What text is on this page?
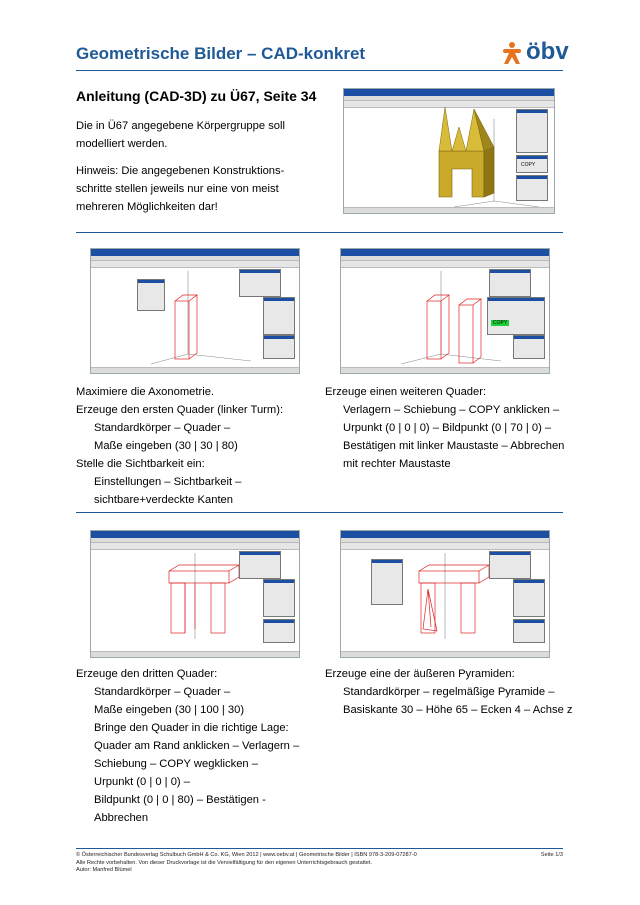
Geometrische Bilder – CAD-konkret	öbv
Anleitung (CAD-3D) zu Ü67, Seite 34
Die in Ü67 angegebene Körpergruppe soll
modelliert werden.
Hinweis: Die angegebenen Konstruktions-
schritte stellen jeweils nur eine von meist
mehreren Möglichkeiten dar!
COPY
COPY
Maximiere die Axonometrie.
Erzeuge den ersten Quader (linker Turm):
Standardkörper – Quader –
Maße eingeben (30 | 30 | 80)
Stelle die Sichtbarkeit ein:
Einstellungen – Sichtbarkeit –
sichtbare+verdeckte Kanten
Erzeuge einen weiteren Quader:
Verlagern – Schiebung – COPY anklicken –
Urpunkt (0 | 0 | 0) – Bildpunkt (0 | 70 | 0) –
Bestätigen mit linker Maustaste – Abbrechen
mit rechter Maustaste
Erzeuge den dritten Quader:
Standardkörper – Quader –
Maße eingeben (30 | 100 | 30)
Bringe den Quader in die richtige Lage:
Quader am Rand anklicken – Verlagern –
Schiebung – COPY wegklicken –
Urpunkt (0 | 0 | 0) –
Bildpunkt (0 | 0 | 80) – Bestätigen -
Abbrechen
Erzeuge eine der äußeren Pyramiden:
Standardkörper – regelmäßige Pyramide –
Basiskante 30 – Höhe 65 – Ecken 4 – Achse z
© Österreichischer Bundesverlag Schulbuch GmbH & Co. KG, Wien 2012 | www.oebv.at | Geometrische Bilder | ISBN 978-3-209-07287-0
Alle Rechte vorbehalten. Von dieser Druckvorlage ist die Vervielfältigung für den eigenen Unterrichtsgebrauch gestattet.
Autor: Manfred Blümel
Seite 1/3
